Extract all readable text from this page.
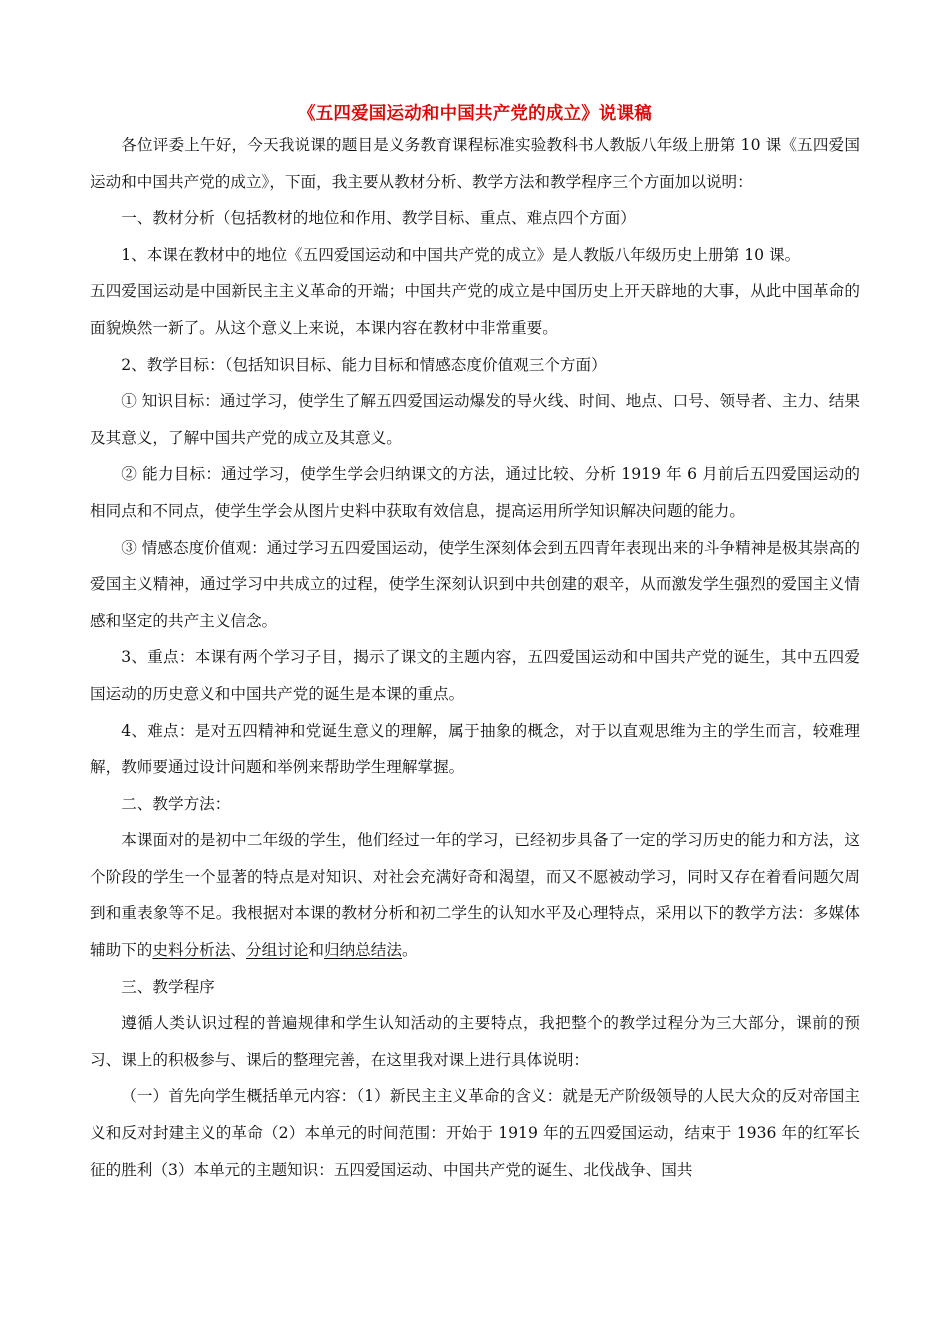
《五四爱国运动和中国共产党的成立》说课稿

各位评委上午好，今天我说课的题目是义务教育课程标准实验教科书人教版八年级上册第 10 课《五四爱国运动和中国共产党的成立》，下面，我主要从教材分析、教学方法和教学程序三个方面加以说明：

一、教材分析（包括教材的地位和作用、教学目标、重点、难点四个方面）

1、本课在教材中的地位《五四爱国运动和中国共产党的成立》是人教版八年级历史上册第 10 课。

五四爱国运动是中国新民主主义革命的开端；中国共产党的成立是中国历史上开天辟地的大事，从此中国革命的面貌焕然一新了。从这个意义上来说，本课内容在教材中非常重要。

2、教学目标：（包括知识目标、能力目标和情感态度价值观三个方面）

① 知识目标：通过学习，使学生了解五四爱国运动爆发的导火线、时间、地点、口号、领导者、主力、结果及其意义，了解中国共产党的成立及其意义。

② 能力目标：通过学习，使学生学会归纳课文的方法，通过比较、分析 1919 年 6 月前后五四爱国运动的相同点和不同点，使学生学会从图片史料中获取有效信息，提高运用所学知识解决问题的能力。

③ 情感态度价值观：通过学习五四爱国运动，使学生深刻体会到五四青年表现出来的斗争精神是极其崇高的爱国主义精神，通过学习中共成立的过程，使学生深刻认识到中共创建的艰辛，从而激发学生强烈的爱国主义情感和坚定的共产主义信念。

3、重点：本课有两个学习子目，揭示了课文的主题内容，五四爱国运动和中国共产党的诞生，其中五四爱国运动的历史意义和中国共产党的诞生是本课的重点。

4、难点：是对五四精神和党诞生意义的理解，属于抽象的概念，对于以直观思维为主的学生而言，较难理解，教师要通过设计问题和举例来帮助学生理解掌握。

二、教学方法：

本课面对的是初中二年级的学生，他们经过一年的学习，已经初步具备了一定的学习历史的能力和方法，这个阶段的学生一个显著的特点是对知识、对社会充满好奇和渴望，而又不愿被动学习，同时又存在着看问题欠周到和重表象等不足。我根据对本课的教材分析和初二学生的认知水平及心理特点，采用以下的教学方法：多媒体辅助下的史料分析法、分组讨论和归纳总结法。

三、教学程序

遵循人类认识过程的普遍规律和学生认知活动的主要特点，我把整个的教学过程分为三大部分，课前的预习、课上的积极参与、课后的整理完善，在这里我对课上进行具体说明：

（一）首先向学生概括单元内容：（1）新民主主义革命的含义：就是无产阶级领导的人民大众的反对帝国主义和反对封建主义的革命（2）本单元的时间范围：开始于 1919 年的五四爱国运动，结束于 1936 年的红军长征的胜利（3）本单元的主题知识：五四爱国运动、中国共产党的诞生、北伐战争、国共
